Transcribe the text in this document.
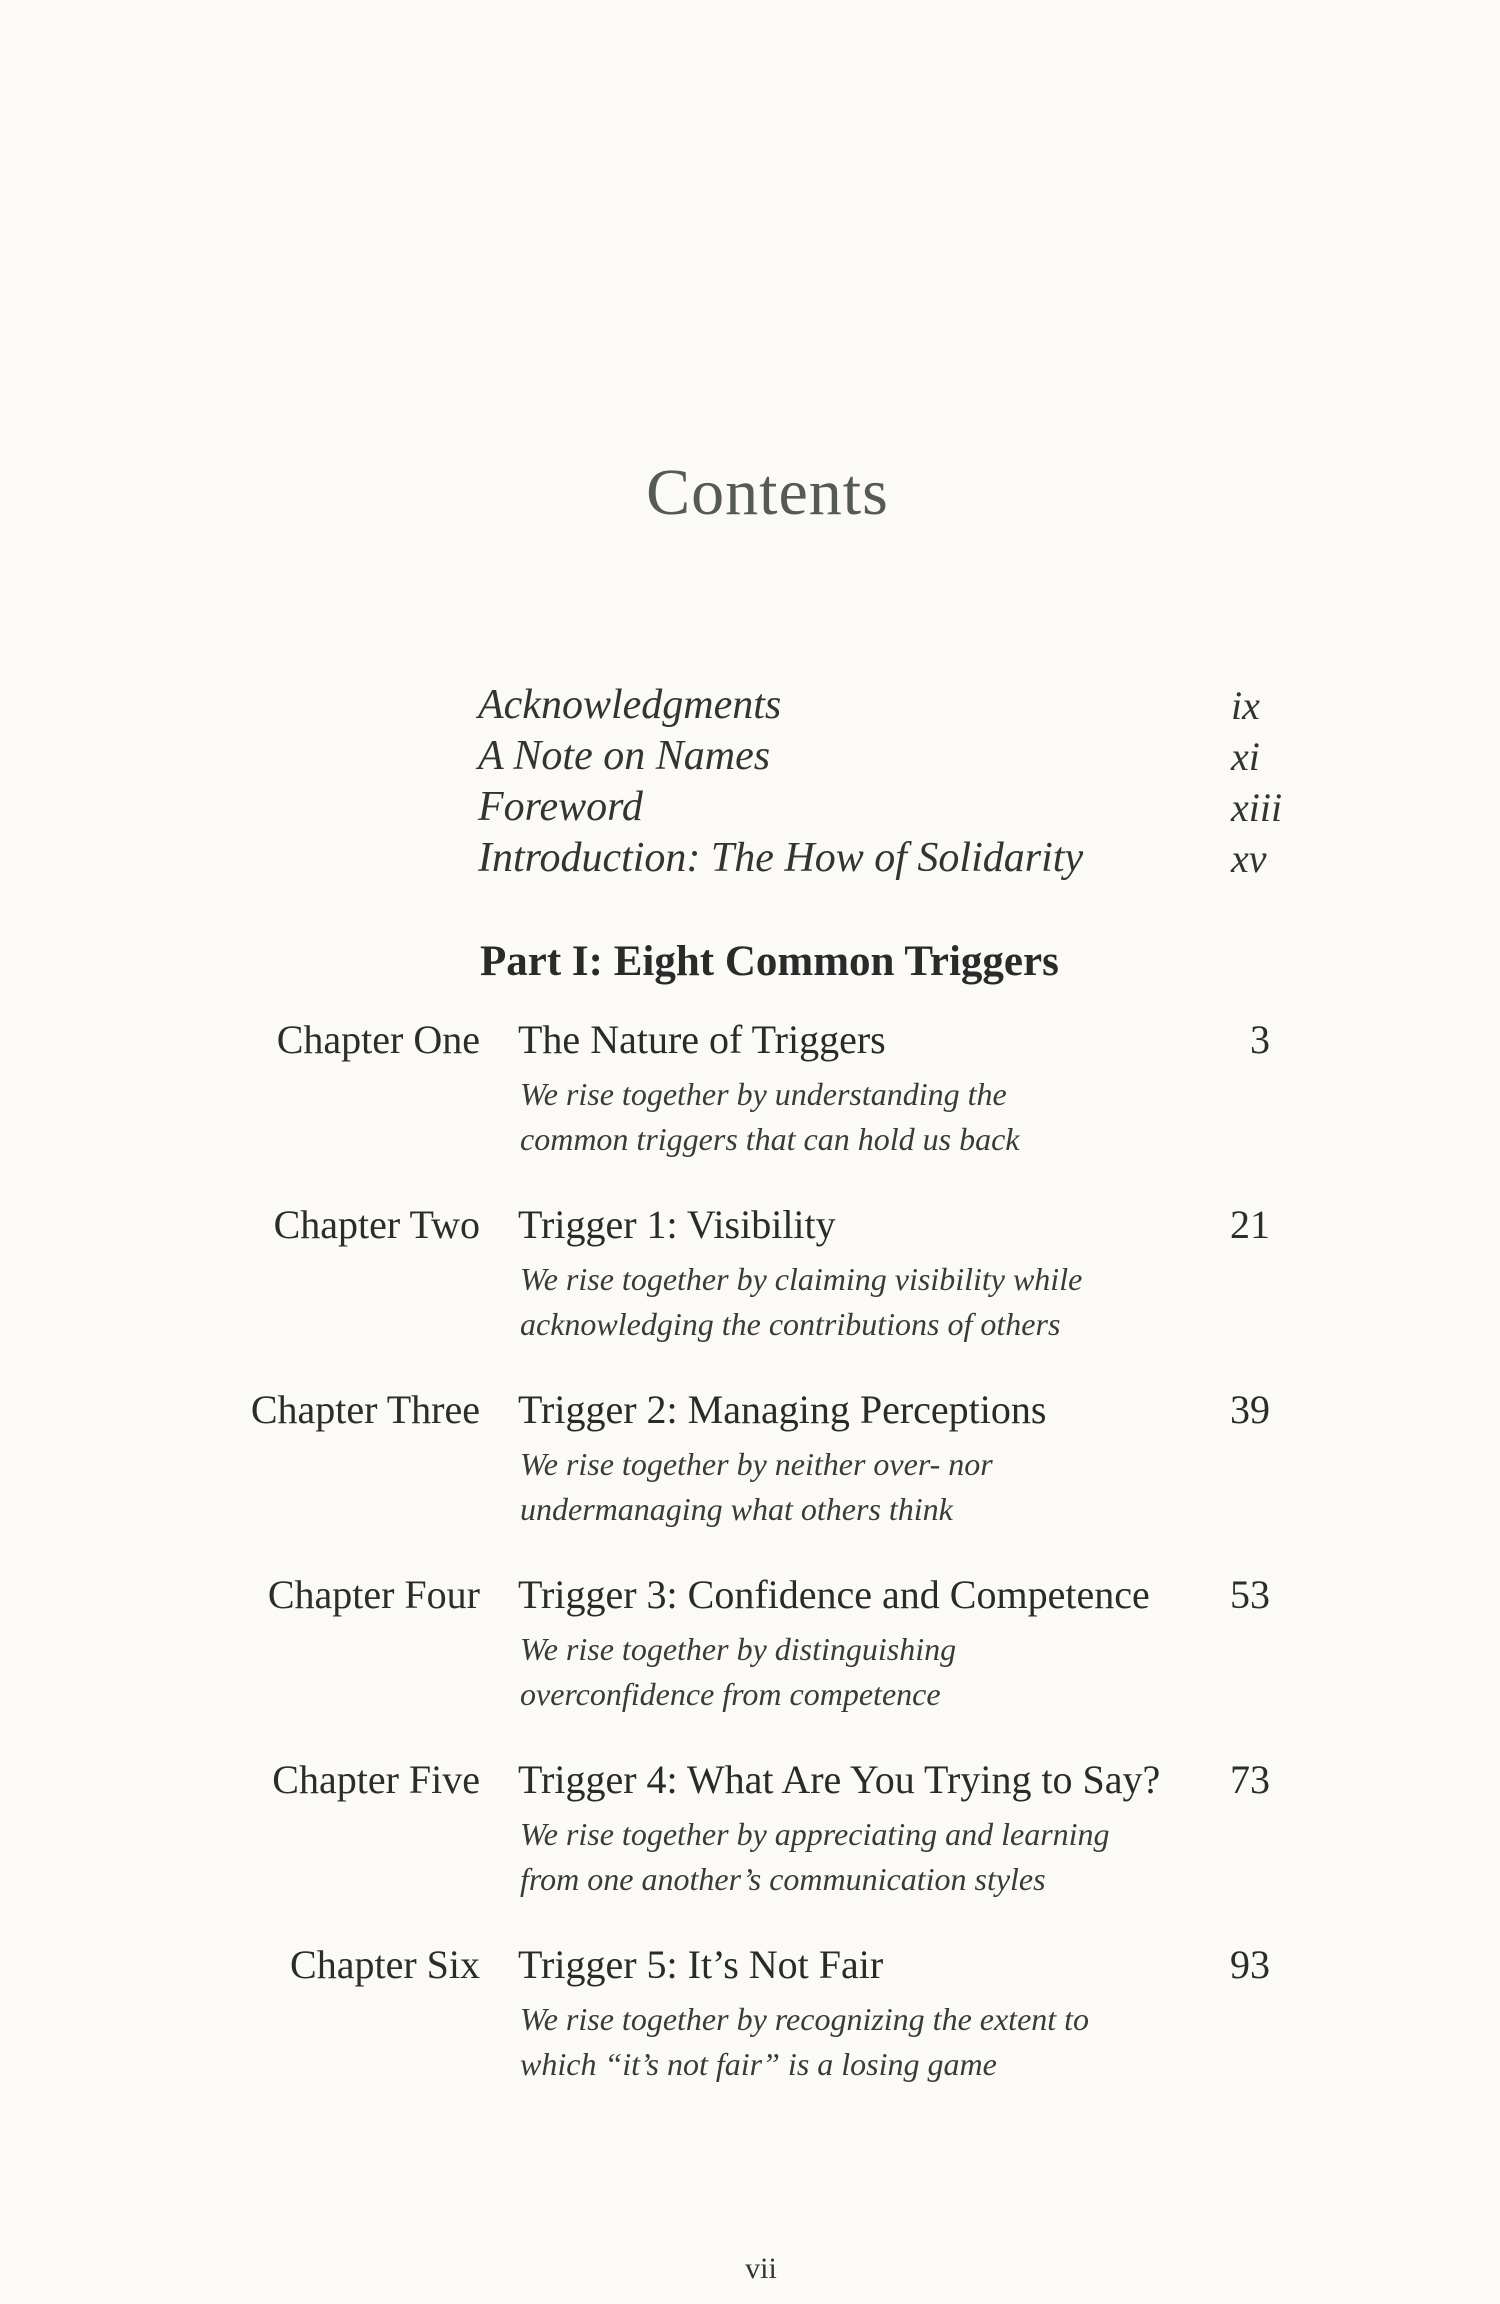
Contents
Acknowledgments	ix
A Note on Names	xi
Foreword	xiii
Introduction: The How of Solidarity	xv
Part I: Eight Common Triggers
Chapter One The Nature of Triggers	3
We rise together by understanding the
common triggers that can hold us back
Chapter Two Trigger 1: Visibility	21
We rise together by claiming visibility while
acknowledging the contributions of others
Chapter Three Trigger 2: Managing Perceptions	39
We rise together by neither over- nor
undermanaging what others think
Chapter Four Trigger 3: Confidence and Competence 53
We rise together by distinguishing
overconfidence from competence
Chapter Five Trigger 4: What Are You Trying to Say? 73
We rise together by appreciating and learning
from one another’s communication styles
Chapter Six Trigger 5: It’s Not Fair	93
We rise together by recognizing the extent to
which “it’s not fair” is a losing game
vii
